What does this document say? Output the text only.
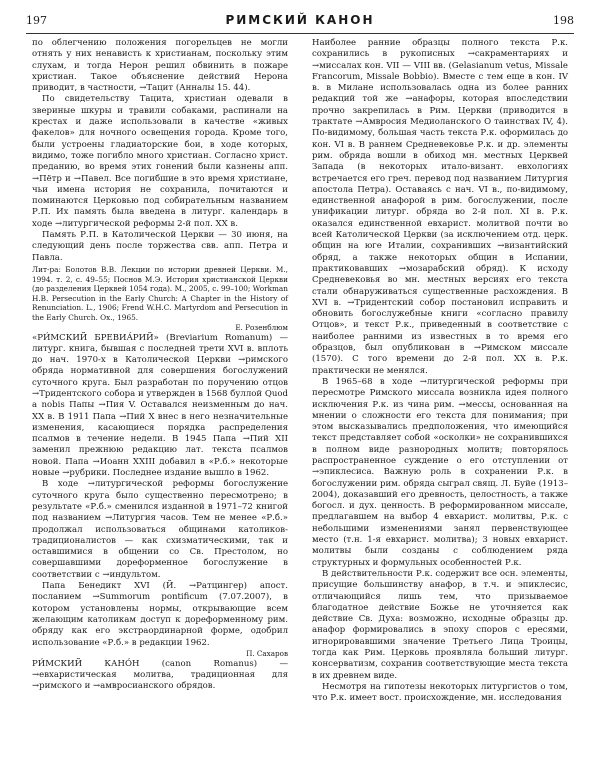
197	РИМСКИЙ КАНОН	198

по облегчению положения погорельцев не могли отнять у них ненависть к христианам, поскольку этим слухам, и тогда Нерон решил обвинить в пожаре христиан. Такое объяснение действий Нерона приводит, в частности, →Тацит (Анналы 15. 44).

По свидетельству Тацита, христиан одевали в звериные шкуры и травили собаками, распинали на крестах и даже использовали в качестве «живых факелов» для ночного освещения города. Кроме того, были устроены гладиаторские бои, в ходе которых, видимо, тоже погибло много христиан. Согласно христ. преданию, во время этих гонений были казнены апп. →Пётр и →Павел. Все погибшие в это время христиане, чьи имена история не сохранила, почитаются и поминаются Церковью под собирательным названием Р.П. Их память была введена в литург. календарь в ходе →литургической реформы 2-й пол. XX в.

Память Р.П. в Католической Церкви — 30 июня, на следующий день после торжества свв. апп. Петра и Павла.

Лит-ра: Болотов В.В. Лекции по истории древней Церкви. М., 1994. т. 2, с. 49–55; Поснов М.Э. История христианской Церкви (до разделения Церквей 1054 года). М., 2005, с. 99–100; Workman H.B. Persecution in the Early Church: A Chapter in the History of Renunciation. L., 1906; Frend W.H.C. Martyrdom and Persecution in the Early Church. Ox., 1965.

Е. Розенблюм

«РИ́МСКИЙ БРЕВИА́РИЙ» (Breviarium Romanum) — литург. книга, бывшая с последней трети XVI в. вплоть до нач. 1970-х в Католической Церкви →римского обряда нормативной для совершения богослужений суточного круга. Был разработан по поручению отцов →Тридентского собора и утвержден в 1568 буллой Quod a nobis Папы →Пия V. Оставался неизменным до нач. XX в. В 1911 Папа →Пий X внес в него незначительные изменения, касающиеся порядка распределения псалмов в течение недели. В 1945 Папа →Пий XII заменил прежнюю редакцию лат. текста псалмов новой. Папа →Иоанн XXIII добавил в «Р.б.» некоторые новые →рубрики. Последнее издание вышло в 1962.

В ходе →литургической реформы богослужение суточного круга было существенно пересмотрено; в результате «Р.б.» сменился изданной в 1971–72 книгой под названием →Литургия часов. Тем не менее «Р.б.» продолжал использоваться общинами католиков-традиционалистов — как схизматическими, так и оставшимися в общении со Св. Престолом, но совершавшими дореформенное богослужение в соответствии с →индультом.

Папа Бенедикт XVI (Й. →Ратцингер) апост. посланием →Summorum pontificum (7.07.2007), в котором установлены нормы, открывающие всем желающим католикам доступ к дореформенному рим. обряду как его экстраординарной форме, одобрил использование «Р.б.» в редакции 1962.

П. Сахаров

РИ́МСКИЙ КАНО́Н (canon Romanus) — →евхаристическая молитва, традиционная для →римского и →амвросианского обрядов.

Наиболее ранние образцы полного текста Р.к. сохранились в рукописных →сакраментариях и →миссалах кон. VII — VIII вв. (Gelasianum vetus, Missale Francorum, Missale Bobbio). Вместе с тем еще в кон. IV в. в Милане использовалась одна из более ранних редакций той же →анафоры, которая впоследствии прочно закрепилась в Рим. Церкви (приводится в трактате →Амвросия Медиоланского О таинствах IV, 4). По-видимому, большая часть текста Р.к. оформилась до кон. VI в. В раннем Средневековье Р.к. и др. элементы рим. обряда вошли в обиход мн. местных Церквей Запада (в некоторых итало-визант. евхологиях встречается его греч. перевод под названием Литургия апостола Петра). Оставаясь с нач. VI в., по-видимому, единственной анафорой в рим. богослужении, после унификации литург. обряда во 2-й пол. XI в. Р.к. оказался единственной евхарист. молитвой почти во всей Католической Церкви (за исключением отд. церк. общин на юге Италии, сохранивших →византийский обряд, а также некоторых общин в Испании, практиковавших →мозарабский обряд). К исходу Средневековья во мн. местных версиях его текста стали обнаруживаться существенные расхождения. В XVI в. →Тридентский собор постановил исправить и обновить богослужебные книги «согласно правилу Отцов», и текст Р.к., приведенный в соответствие с наиболее ранними из известных в то время его образцов, был опубликован в →Римском миссале (1570). С того времени до 2-й пол. XX в. Р.к. практически не менялся.

В 1965–68 в ходе →литургической реформы при пересмотре Римского миссала возникла идея полного исключения Р.к. из чина рим. →мессы, основанная на мнении о сложности его текста для понимания; при этом высказывались предположения, что имеющийся текст представляет собой «осколки» не сохранившихся в полном виде разнородных молитв; повторялось распространенное суждение о его отступлении от →эпиклесиса. Важную роль в сохранении Р.к. в богослужении рим. обряда сыграл свящ. Л. Буйе (1913–2004), доказавший его древность, целостность, а также богосл. и дух. ценность. В реформированном миссале, предлагавшем на выбор 4 евхарист. молитвы, Р.к. с небольшими изменениями занял первенствующее место (т.н. 1-я евхарист. молитва); 3 новых евхарист. молитвы были созданы с соблюдением ряда структурных и формульных особенностей Р.к.

В действительности Р.к. содержит все осн. элементы, присущие большинству анафор, в т.ч. и эпиклесис, отличающийся лишь тем, что призываемое благодатное действие Божье не уточняется как действие Св. Духа: возможно, исходные образцы др. анафор формировались в эпоху споров с ересями, игнорировавшими значение Третьего Лица Троицы, тогда как Рим. Церковь проявляла больший литург. консерватизм, сохранив соответствующие места текста в их древнем виде.

Несмотря на гипотезы некоторых литургистов о том, что Р.к. имеет вост. происхождение, мн. исследования
